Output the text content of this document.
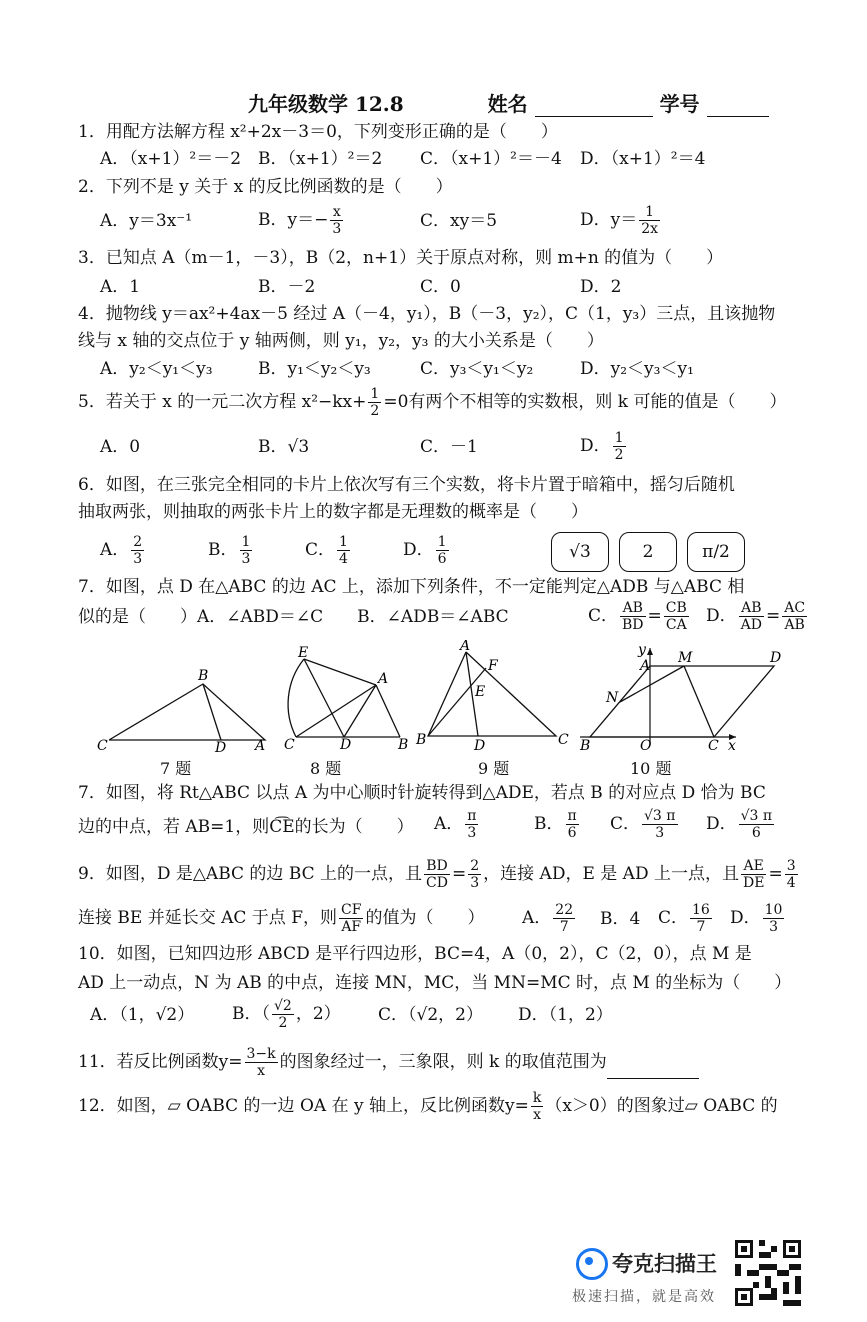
九年级数学 12.8	姓名	学号
1．用配方法解方程 x²+2x－3＝0，下列变形正确的是（　　）
A．（x+1）²＝－2 B．（x+1）²＝2 C．（x+1）²＝－4 D．（x+1）²＝4
2．下列不是 y 关于 x 的反比例函数的是（　　）
A．y＝3x⁻¹	B．$y=- \frac{x}{3}$	C．xy＝5	D．$y= \frac{1}{2x}$
3．已知点 A（m－1，－3），B（2，n+1）关于原点对称，则 m+n 的值为（　　）
A．1	B．－2	C．0	D．2
4．抛物线 y＝ax²+4ax－5 经过 A（－4，y₁），B（－3，y₂），C（1，y₃）三点，且该抛物
线与 x 轴的交点位于 y 轴两侧，则 y₁，y₂，y₃ 的大小关系是（　　）
A．y₂＜y₁＜y₃	B．y₁＜y₂＜y₃	C．y₃＜y₁＜y₂	D．y₂＜y₃＜y₁
5．若关于 x 的一元二次方程 $x^2-kx+ \frac{1}{2} =0$有两个不相等的实数根，则 k 可能的值是（　　）
A．0	B．√3	C．－1	D． $\frac{1}{2}$
6．如图，在三张完全相同的卡片上依次写有三个实数，将卡片置于暗箱中，摇匀后随机
抽取两张，则抽取的两张卡片上的数字都是无理数的概率是（　　）
A． $\frac{2}{3}$	B． $\frac{1}{3}$	C． $\frac{1}{4}$	D． $\frac{1}{6}$	√3	2	π/2
7．如图，点 D 在△ABC 的边 AC 上，添加下列条件，不一定能判定△ADB 与△ABC 相
似的是（　　）A．∠ABD＝∠C　　B．∠ADB＝∠ABC	C． $\frac{AB}{BD} = \frac{CB}{CA}$ D． $\frac{AB}{AD} = \frac{AC}{AB}$
B
C	D A
7 题
E
A
C	D	B
8 题
A
F
E
B	D	C
9 题
y
A M	D
N
B	O	C x
10 题
7．如图，将 Rt△ABC 以点 A 为中心顺时针旋转得到△ADE，若点 B 的对应点 D 恰为 BC
边的中点，若 AB=1，则C͡E的长为（　　） A． $\frac{\pi}{3}$	B． $\frac{\pi}{6}$ C． $\frac{√3 \pi}{3}$ D． $\frac{√3 \pi}{6}$
9．如图，D 是△ABC 的边 BC 上的一点，且 $\frac{BD}{CD} = \frac{2}{3}$ ，连接 AD，E 是 AD 上一点，且 $\frac{AE}{DE} = \frac{3}{4}$
连接 BE 并延长交 AC 于点 F，则 $\frac{CF}{AF}$ 的值为（　　） A． $\frac{22}{7}$ B．4 C． $\frac{16}{7}$ D． $\frac{10}{3}$
10．如图，已知四边形 ABCD 是平行四边形，BC=4，A（0，2），C（2，0），点 M 是
AD 上一动点，N 为 AB 的中点，连接 MN，MC，当 MN=MC 时，点 M 的坐标为（　　）
A．（1，√2） B．（ $\frac{√2}{2}$ ，2） C．（√2，2） D．（1，2）
11．若反比例函数$y= \frac{3-k}{x}$ 的图象经过一，三象限，则 k 的取值范围为
12．如图，▱ OABC 的一边 OA 在 y 轴上，反比例函数$y= \frac{k}{x} (x>0)$的图象过▱ OABC 的
夸克扫描王
极速扫描，就是高效
